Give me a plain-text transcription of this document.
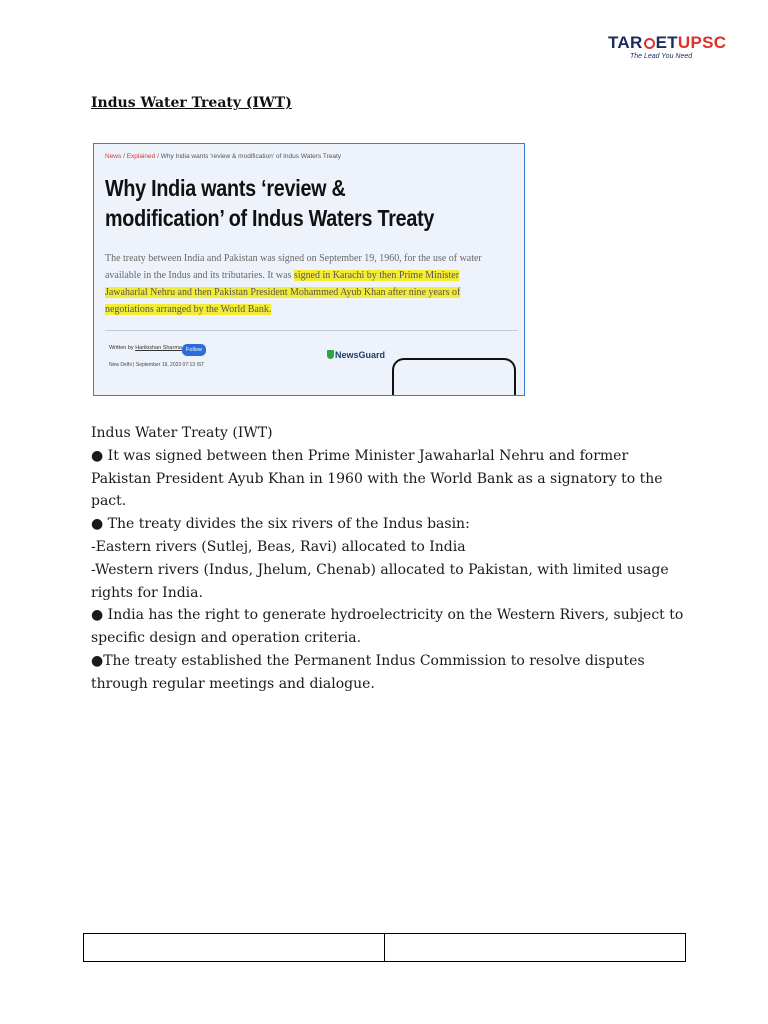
TAR ETUPSC
The Lead You Need
Indus Water Treaty (IWT)
News / Explained / Why India wants 'review & modification' of Indus Waters Treaty
Why India wants ‘review & modification’ of Indus Waters Treaty
The treaty between India and Pakistan was signed on September 19, 1960, for the use of water available in the Indus and its tributaries. It was signed in Karachi by then Prime Minister Jawaharlal Nehru and then Pakistan President Mohammed Ayub Khan after nine years of negotiations arranged by the World Bank.
Written by Harikishan Sharma Follow
New Delhi | September 19, 2023 07:13 IST
NewsGuard

Indus Water Treaty (IWT)

● It was signed between then Prime Minister Jawaharlal Nehru and former Pakistan President Ayub Khan in 1960 with the World Bank as a signatory to the pact.

● The treaty divides the six rivers of the Indus basin:

-Eastern rivers (Sutlej, Beas, Ravi) allocated to India

-Western rivers (Indus, Jhelum, Chenab) allocated to Pakistan, with limited usage rights for India.

● India has the right to generate hydroelectricity on the Western Rivers, subject to specific design and operation criteria.

●The treaty established the Permanent Indus Commission to resolve disputes through regular meetings and dialogue.
